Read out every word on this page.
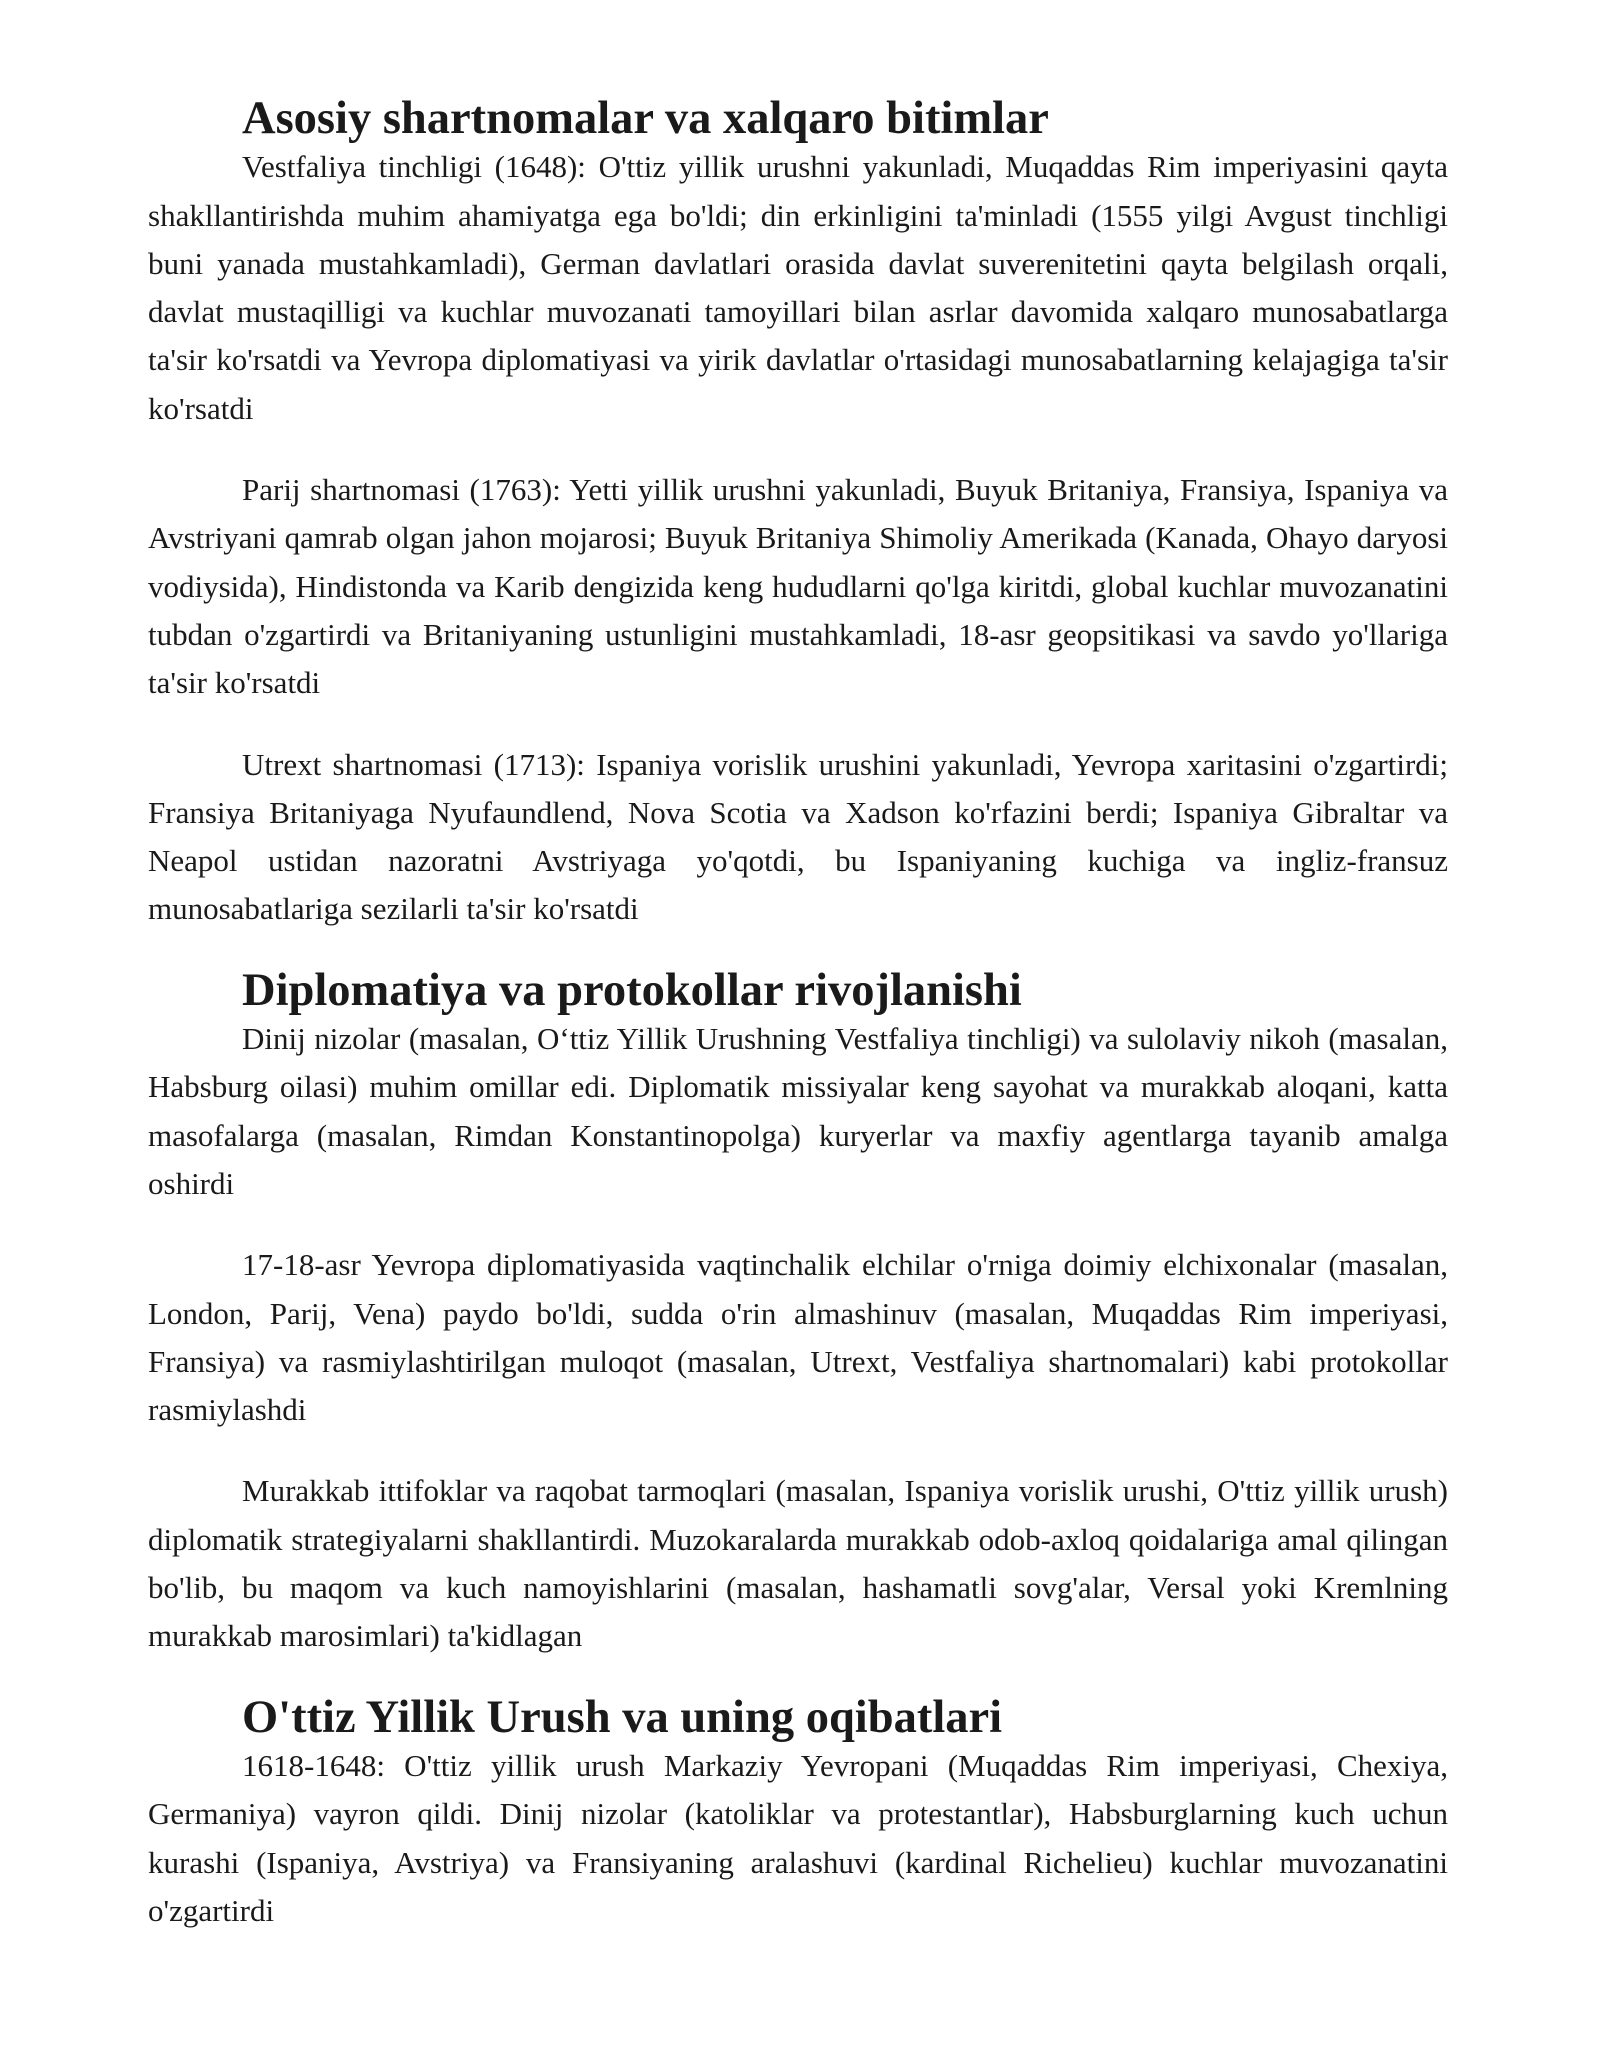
Asosiy shartnomalar va xalqaro bitimlar

Vestfaliya tinchligi (1648): O'ttiz yillik urushni yakunladi, Muqaddas Rim imperiyasini qayta shakllantirishda muhim ahamiyatga ega bo'ldi; din erkinligini ta'minladi (1555 yilgi Avgust tinchligi buni yanada mustahkamladi), German davlatlari orasida davlat suverenitetini qayta belgilash orqali, davlat mustaqilligi va kuchlar muvozanati tamoyillari bilan asrlar davomida xalqaro munosabatlarga ta'sir ko'rsatdi va Yevropa diplomatiyasi va yirik davlatlar o'rtasidagi munosabatlarning kelajagiga ta'sir ko'rsatdi

Parij shartnomasi (1763): Yetti yillik urushni yakunladi, Buyuk Britaniya, Fransiya, Ispaniya va Avstriyani qamrab olgan jahon mojarosi; Buyuk Britaniya Shimoliy Amerikada (Kanada, Ohayo daryosi vodiysida), Hindistonda va Karib dengizida keng hududlarni qo'lga kiritdi, global kuchlar muvozanatini tubdan o'zgartirdi va Britaniyaning ustunligini mustahkamladi, 18-asr geopsitikasi va savdo yo'llariga ta'sir ko'rsatdi

Utrext shartnomasi (1713): Ispaniya vorislik urushini yakunladi, Yevropa xaritasini o'zgartirdi; Fransiya Britaniyaga Nyufaundlend, Nova Scotia va Xadson ko'rfazini berdi; Ispaniya Gibraltar va Neapol ustidan nazoratni Avstriyaga yo'qotdi, bu Ispaniyaning kuchiga va ingliz-fransuz munosabatlariga sezilarli ta'sir ko'rsatdi

Diplomatiya va protokollar rivojlanishi

Dinij nizolar (masalan, O‘ttiz Yillik Urushning Vestfaliya tinchligi) va sulolaviy nikoh (masalan, Habsburg oilasi) muhim omillar edi. Diplomatik missiyalar keng sayohat va murakkab aloqani, katta masofalarga (masalan, Rimdan Konstantinopolga) kuryerlar va maxfiy agentlarga tayanib amalga oshirdi

17-18-asr Yevropa diplomatiyasida vaqtinchalik elchilar o'rniga doimiy elchixonalar (masalan, London, Parij, Vena) paydo bo'ldi, sudda o'rin almashinuv (masalan, Muqaddas Rim imperiyasi, Fransiya) va rasmiylashtirilgan muloqot (masalan, Utrext, Vestfaliya shartnomalari) kabi protokollar rasmiylashdi

Murakkab ittifoklar va raqobat tarmoqlari (masalan, Ispaniya vorislik urushi, O'ttiz yillik urush) diplomatik strategiyalarni shakllantirdi. Muzokaralarda murakkab odob-axloq qoidalariga amal qilingan bo'lib, bu maqom va kuch namoyishlarini (masalan, hashamatli sovg'alar, Versal yoki Kremlning murakkab marosimlari) ta'kidlagan

O'ttiz Yillik Urush va uning oqibatlari

1618-1648: O'ttiz yillik urush Markaziy Yevropani (Muqaddas Rim imperiyasi, Chexiya, Germaniya) vayron qildi. Dinij nizolar (katoliklar va protestantlar), Habsburglarning kuch uchun kurashi (Ispaniya, Avstriya) va Fransiyaning aralashuvi (kardinal Richelieu) kuchlar muvozanatini o'zgartirdi
